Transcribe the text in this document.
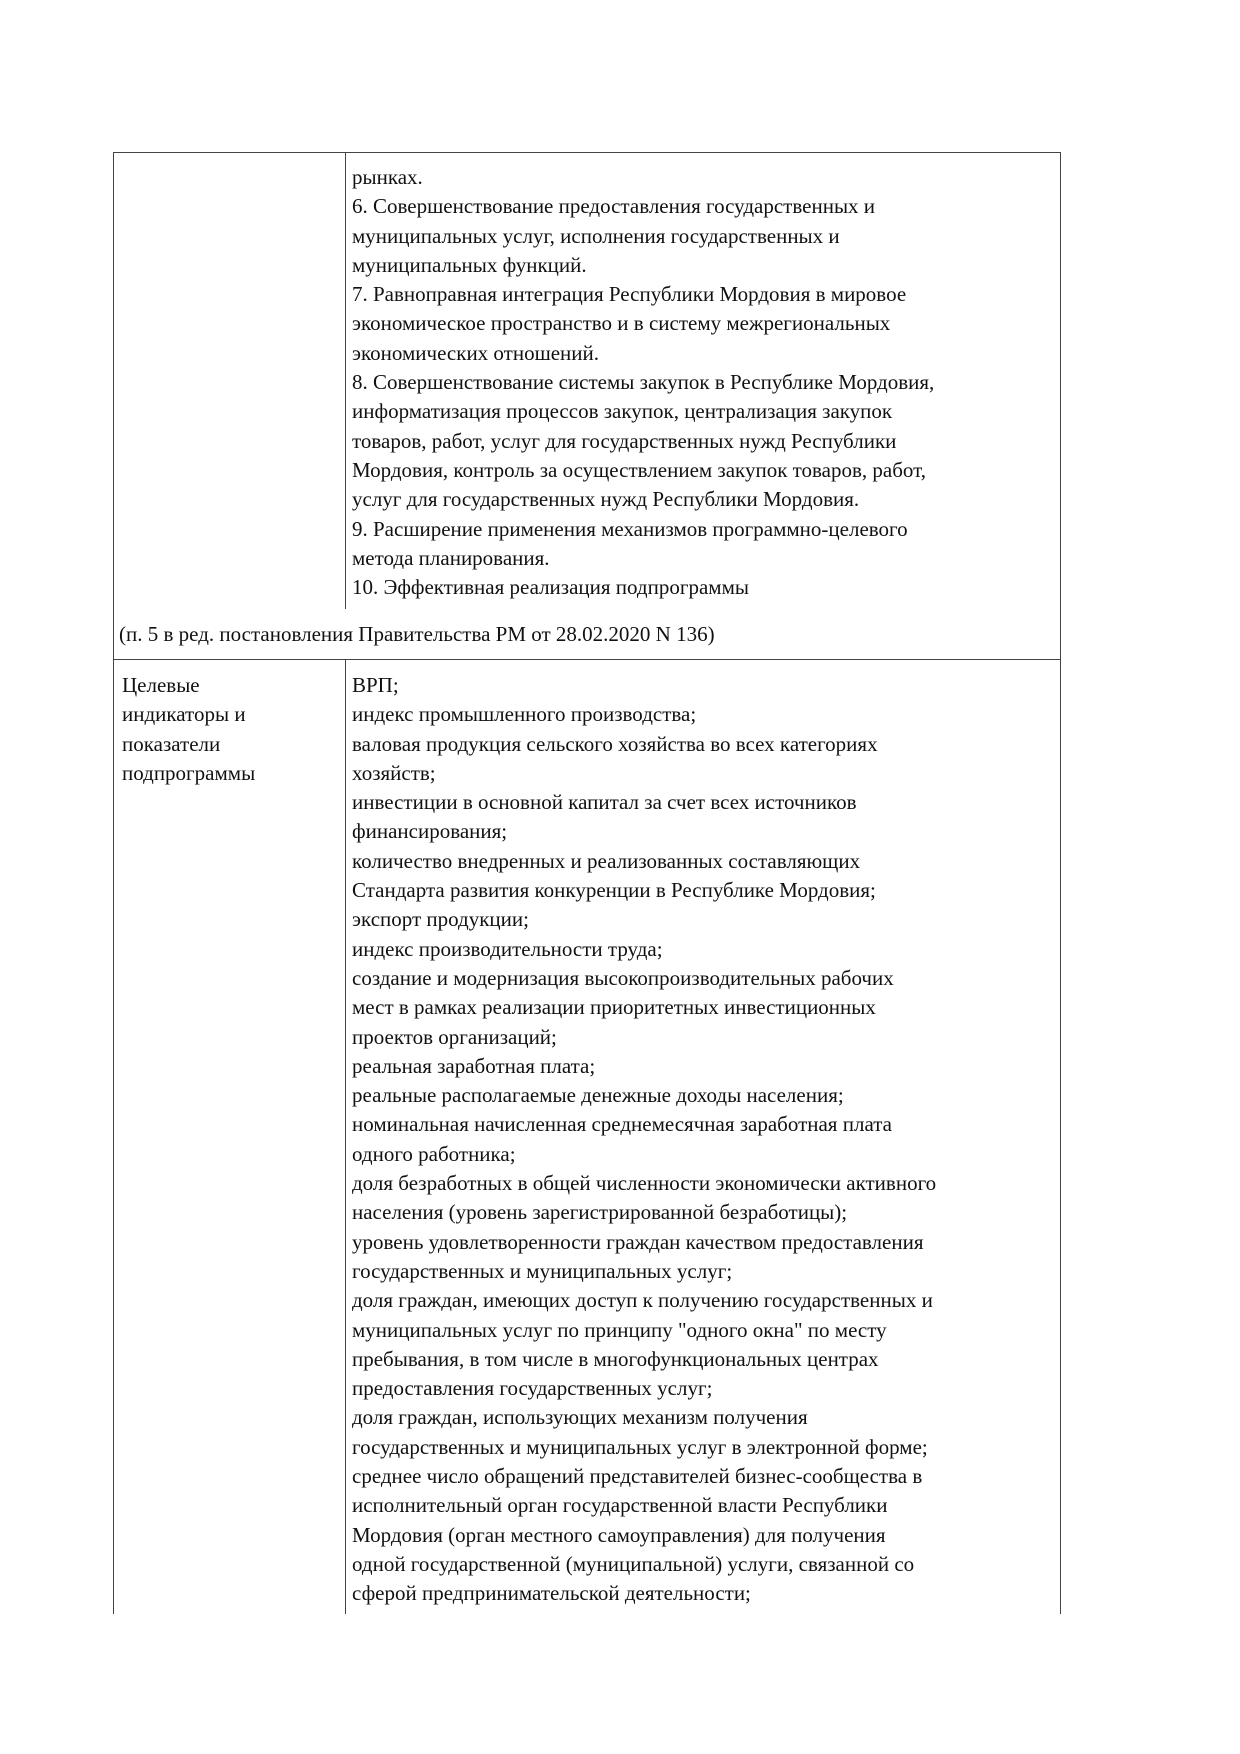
рынках.
6. Совершенствование предоставления государственных и
муниципальных услуг, исполнения государственных и
муниципальных функций.
7. Равноправная интеграция Республики Мордовия в мировое
экономическое пространство и в систему межрегиональных
экономических отношений.
8. Совершенствование системы закупок в Республике Мордовия,
информатизация процессов закупок, централизация закупок
товаров, работ, услуг для государственных нужд Республики
Мордовия, контроль за осуществлением закупок товаров, работ,
услуг для государственных нужд Республики Мордовия.
9. Расширение применения механизмов программно-целевого
метода планирования.
10. Эффективная реализация подпрограммы
(п. 5 в ред. постановления Правительства РМ от 28.02.2020 N 136)
Целевые
индикаторы и
показатели
подпрограммы
ВРП;
индекс промышленного производства;
валовая продукция сельского хозяйства во всех категориях
хозяйств;
инвестиции в основной капитал за счет всех источников
финансирования;
количество внедренных и реализованных составляющих
Стандарта развития конкуренции в Республике Мордовия;
экспорт продукции;
индекс производительности труда;
создание и модернизация высокопроизводительных рабочих
мест в рамках реализации приоритетных инвестиционных
проектов организаций;
реальная заработная плата;
реальные располагаемые денежные доходы населения;
номинальная начисленная среднемесячная заработная плата
одного работника;
доля безработных в общей численности экономически активного
населения (уровень зарегистрированной безработицы);
уровень удовлетворенности граждан качеством предоставления
государственных и муниципальных услуг;
доля граждан, имеющих доступ к получению государственных и
муниципальных услуг по принципу "одного окна" по месту
пребывания, в том числе в многофункциональных центрах
предоставления государственных услуг;
доля граждан, использующих механизм получения
государственных и муниципальных услуг в электронной форме;
среднее число обращений представителей бизнес-сообщества в
исполнительный орган государственной власти Республики
Мордовия (орган местного самоуправления) для получения
одной государственной (муниципальной) услуги, связанной со
сферой предпринимательской деятельности;
